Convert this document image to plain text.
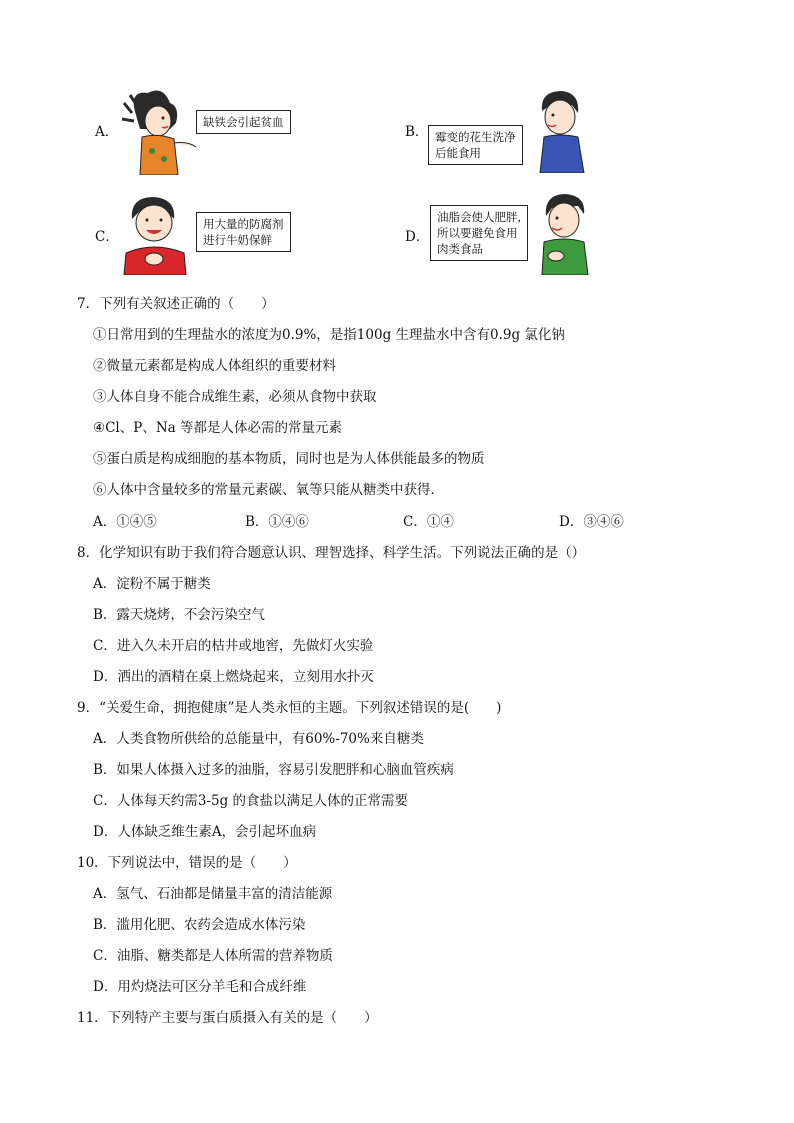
A．
缺铁会引起贫血
B． 霉变的花生洗净
后能食用
C．
用大量的防腐剂
进行牛奶保鲜	D．
油脂会使人肥胖,
所以要避免食用
肉类食品
7．下列有关叙述正确的（　　）
①日常用到的生理盐水的浓度为0.9%，是指100g 生理盐水中含有0.9g 氯化钠
②微量元素都是构成人体组织的重要材料
③人体自身不能合成维生素，必须从食物中获取
④Cl、P、Na 等都是人体必需的常量元素
⑤蛋白质是构成细胞的基本物质，同时也是为人体供能最多的物质
⑥人体中含量较多的常量元素碳、氧等只能从糖类中获得．
A．①④⑤	B．①④⑥	C．①④	D．③④⑥
8．化学知识有助于我们符合题意认识、理智选择、科学生活。下列说法正确的是（）
A．淀粉不属于糖类
B．露天烧烤，不会污染空气
C．进入久未开启的枯井或地窖，先做灯火实验
D．洒出的酒精在桌上燃烧起来，立刻用水扑灭
9．“关爱生命，拥抱健康”是人类永恒的主题。下列叙述错误的是(　　)
A．人类食物所供给的总能量中，有60%-70%来自糖类
B．如果人体摄入过多的油脂，容易引发肥胖和心脑血管疾病
C．人体每天约需3-5g 的食盐以满足人体的正常需要
D．人体缺乏维生素A，会引起坏血病
10．下列说法中，错误的是（　　）
A．氢气、石油都是储量丰富的清洁能源
B．滥用化肥、农药会造成水体污染
C．油脂、糖类都是人体所需的营养物质
D．用灼烧法可区分羊毛和合成纤维
11．下列特产主要与蛋白质摄入有关的是（　　）
